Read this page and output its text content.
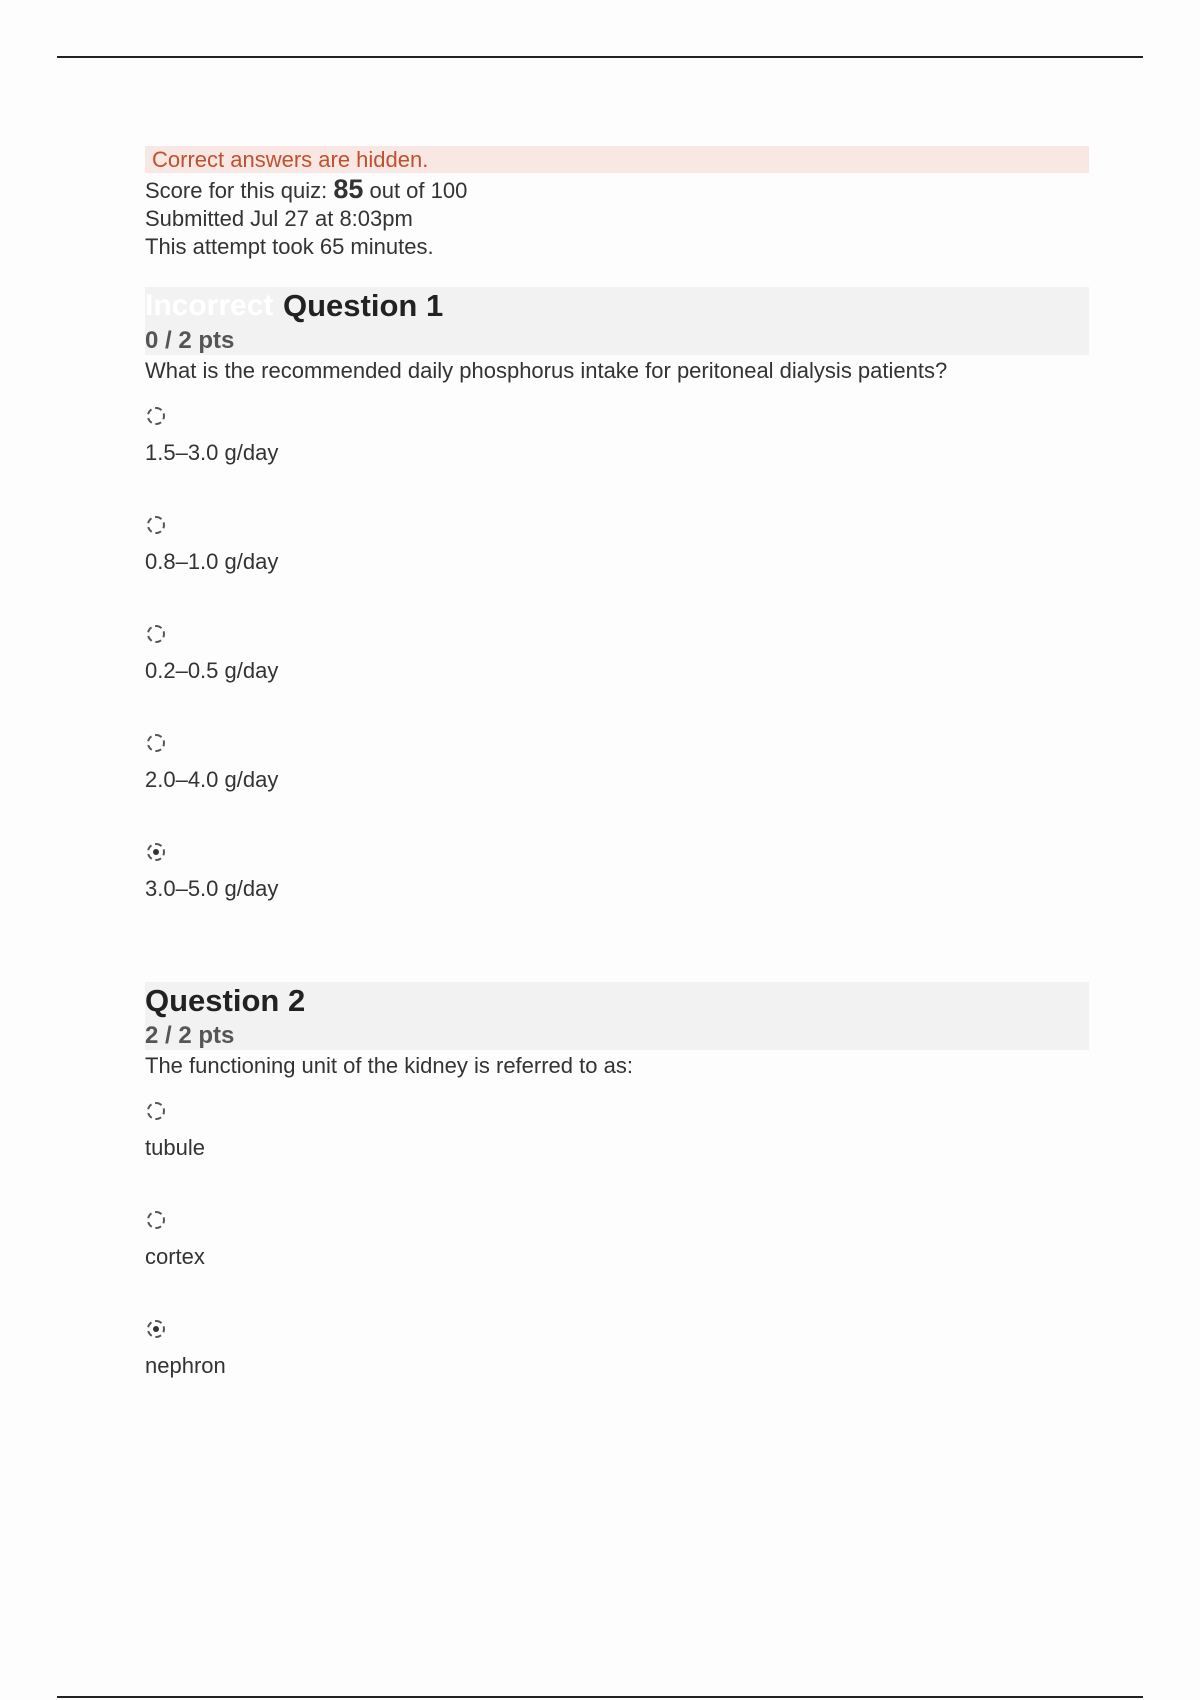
Correct answers are hidden.
Score for this quiz: 85 out of 100
Submitted Jul 27 at 8:03pm
This attempt took 65 minutes.
Incorrect Question 1
0 / 2 pts
What is the recommended daily phosphorus intake for peritoneal dialysis patients?
1.5–3.0 g/day
0.8–1.0 g/day
0.2–0.5 g/day
2.0–4.0 g/day
3.0–5.0 g/day
Question 2
2 / 2 pts
The functioning unit of the kidney is referred to as:
tubule
cortex
nephron
